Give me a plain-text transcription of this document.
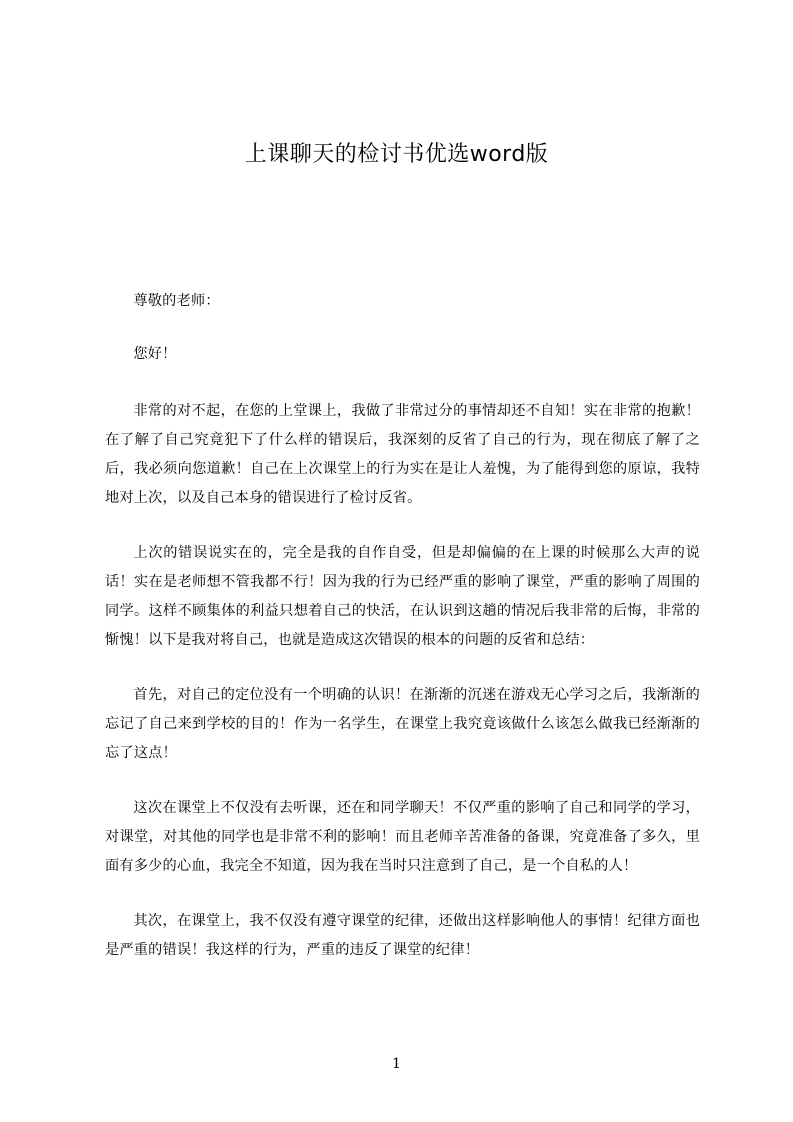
上课聊天的检讨书优选word版

尊敬的老师：

您好！

非常的对不起，在您的上堂课上，我做了非常过分的事情却还不自知！实在非常的抱歉！在了解了自己究竟犯下了什么样的错误后，我深刻的反省了自己的行为，现在彻底了解了之后，我必须向您道歉！自己在上次课堂上的行为实在是让人羞愧，为了能得到您的原谅，我特地对上次，以及自己本身的错误进行了检讨反省。

上次的错误说实在的，完全是我的自作自受，但是却偏偏的在上课的时候那么大声的说话！实在是老师想不管我都不行！因为我的行为已经严重的影响了课堂，严重的影响了周围的同学。这样不顾集体的利益只想着自己的快活，在认识到这趟的情况后我非常的后悔，非常的惭愧！以下是我对将自己，也就是造成这次错误的根本的问题的反省和总结：

首先，对自己的定位没有一个明确的认识！在渐渐的沉迷在游戏无心学习之后，我渐渐的忘记了自己来到学校的目的！作为一名学生，在课堂上我究竟该做什么该怎么做我已经渐渐的忘了这点！

这次在课堂上不仅没有去听课，还在和同学聊天！不仅严重的影响了自己和同学的学习，对课堂，对其他的同学也是非常不利的影响！而且老师辛苦准备的备课，究竟准备了多久，里面有多少的心血，我完全不知道，因为我在当时只注意到了自己，是一个自私的人！

其次，在课堂上，我不仅没有遵守课堂的纪律，还做出这样影响他人的事情！纪律方面也是严重的错误！我这样的行为，严重的违反了课堂的纪律！

1
